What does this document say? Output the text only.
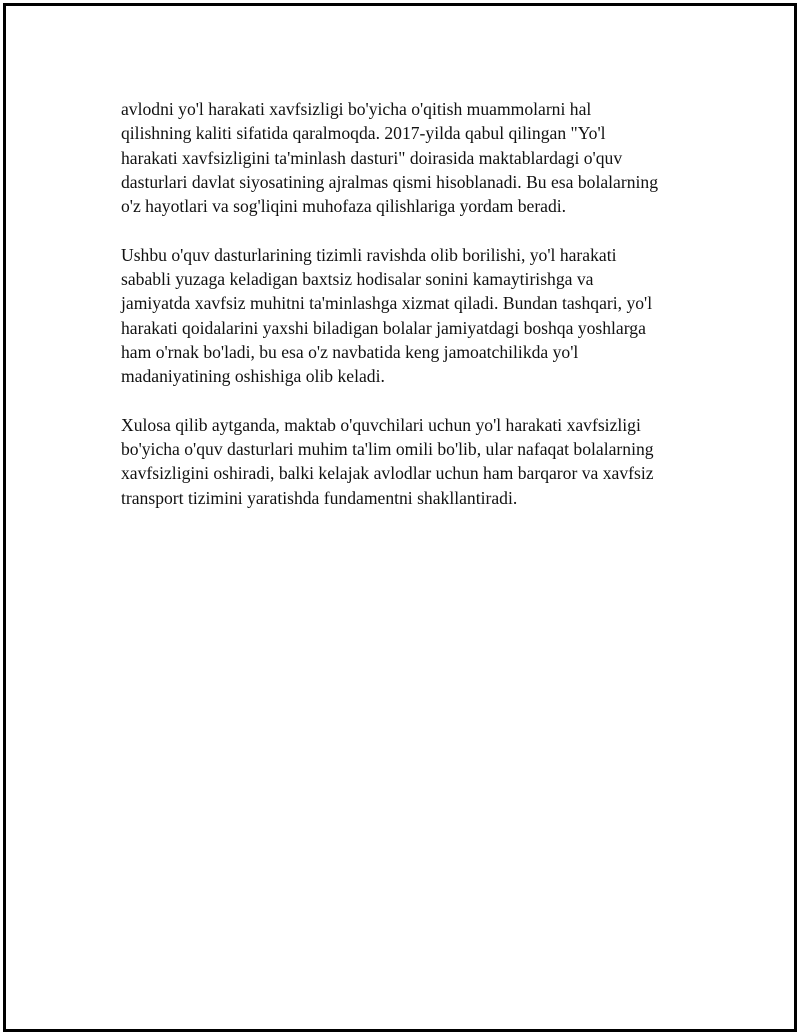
avlodni yo'l harakati xavfsizligi bo'yicha o'qitish muammolarni hal
qilishning kaliti sifatida qaralmoqda. 2017-yilda qabul qilingan "Yo'l
harakati xavfsizligini ta'minlash dasturi" doirasida maktablardagi o'quv
dasturlari davlat siyosatining ajralmas qismi hisoblanadi. Bu esa bolalarning
o'z hayotlari va sog'liqini muhofaza qilishlariga yordam beradi.

Ushbu o'quv dasturlarining tizimli ravishda olib borilishi, yo'l harakati
sababli yuzaga keladigan baxtsiz hodisalar sonini kamaytirishga va
jamiyatda xavfsiz muhitni ta'minlashga xizmat qiladi. Bundan tashqari, yo'l
harakati qoidalarini yaxshi biladigan bolalar jamiyatdagi boshqa yoshlarga
ham o'rnak bo'ladi, bu esa o'z navbatida keng jamoatchilikda yo'l
madaniyatining oshishiga olib keladi.

Xulosa qilib aytganda, maktab o'quvchilari uchun yo'l harakati xavfsizligi
bo'yicha o'quv dasturlari muhim ta'lim omili bo'lib, ular nafaqat bolalarning
xavfsizligini oshiradi, balki kelajak avlodlar uchun ham barqaror va xavfsiz
transport tizimini yaratishda fundamentni shakllantiradi.
